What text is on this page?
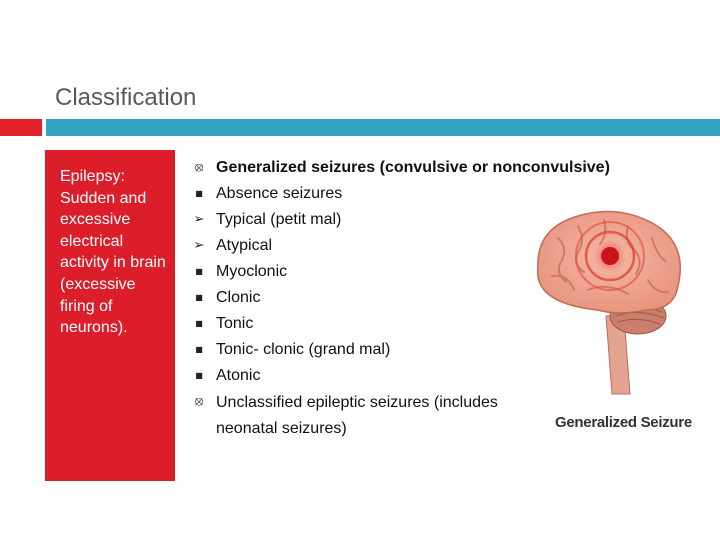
Classification
Epilepsy: Sudden and excessive electrical activity in brain (excessive firing of neurons).
⦻ Generalized seizures (convulsive or nonconvulsive)
■ Absence seizures
➢ Typical (petit mal)
➢ Atypical
■ Myoclonic
■ Clonic
■ Tonic
■ Tonic- clonic (grand mal)
■ Atonic
⦻ Unclassified epileptic seizures (includes neonatal seizures)	Generalized Seizure
